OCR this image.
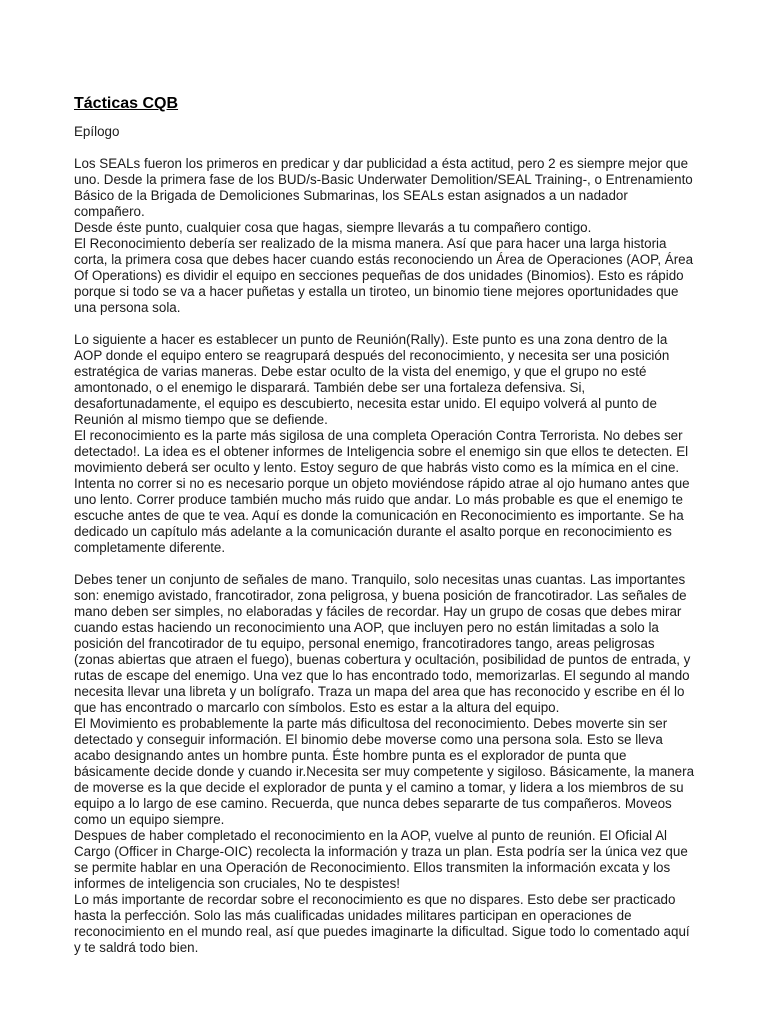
Tácticas CQB
Epílogo

Los SEALs fueron los primeros en predicar y dar publicidad a ésta actitud, pero 2 es siempre mejor que uno. Desde la primera fase de los BUD/s-Basic Underwater Demolition/SEAL Training-, o Entrenamiento Básico de la Brigada de Demoliciones Submarinas, los SEALs estan asignados a un nadador compañero.

Desde éste punto, cualquier cosa que hagas, siempre llevarás a tu compañero contigo.

El Reconocimiento debería ser realizado de la misma manera. Así que para hacer una larga historia corta, la primera cosa que debes hacer cuando estás reconociendo un Área de Operaciones (AOP, Área Of Operations) es dividir el equipo en secciones pequeñas de dos unidades (Binomios). Esto es rápido porque si todo se va a hacer puñetas y estalla un tiroteo, un binomio tiene mejores oportunidades que una persona sola.

Lo siguiente a hacer es establecer un punto de Reunión(Rally). Este punto es una zona dentro de la AOP donde el equipo entero se reagrupará después del reconocimiento, y necesita ser una posición estratégica de varias maneras. Debe estar oculto de la vista del enemigo, y que el grupo no esté amontonado, o el enemigo le disparará. También debe ser una fortaleza defensiva. Si, desafortunadamente, el equipo es descubierto, necesita estar unido. El equipo volverá al punto de Reunión al mismo tiempo que se defiende.

El reconocimiento es la parte más sigilosa de una completa Operación Contra Terrorista. No debes ser detectado!. La idea es el obtener informes de Inteligencia sobre el enemigo sin que ellos te detecten. El movimiento deberá ser oculto y lento. Estoy seguro de que habrás visto como es la mímica en el cine. Intenta no correr si no es necesario porque un objeto moviéndose rápido atrae al ojo humano antes que uno lento. Correr produce también mucho más ruido que andar. Lo más probable es que el enemigo te escuche antes de que te vea. Aquí es donde la comunicación en Reconocimiento es importante. Se ha dedicado un capítulo más adelante a la comunicación durante el asalto porque en reconocimiento es completamente diferente.

Debes tener un conjunto de señales de mano. Tranquilo, solo necesitas unas cuantas. Las importantes son: enemigo avistado, francotirador, zona peligrosa, y buena posición de francotirador. Las señales de mano deben ser simples, no elaboradas y fáciles de recordar. Hay un grupo de cosas que debes mirar cuando estas haciendo un reconocimiento una AOP, que incluyen pero no están limitadas a solo la posición del francotirador de tu equipo, personal enemigo, francotiradores tango, areas peligrosas (zonas abiertas que atraen el fuego), buenas cobertura y ocultación, posibilidad de puntos de entrada, y rutas de escape del enemigo. Una vez que lo has encontrado todo, memorizarlas. El segundo al mando necesita llevar una libreta y un bolígrafo. Traza un mapa del area que has reconocido y escribe en él lo que has encontrado o marcarlo con símbolos. Esto es estar a la altura del equipo.

El Movimiento es probablemente la parte más dificultosa del reconocimiento. Debes moverte sin ser detectado y conseguir información. El binomio debe moverse como una persona sola. Esto se lleva acabo designando antes un hombre punta. Éste hombre punta es el explorador de punta que básicamente decide donde y cuando ir.Necesita ser muy competente y sigiloso. Básicamente, la manera de moverse es la que decide el explorador de punta y el camino a tomar, y lidera a los miembros de su equipo a lo largo de ese camino. Recuerda, que nunca debes separarte de tus compañeros. Moveos como un equipo siempre.

Despues de haber completado el reconocimiento en la AOP, vuelve al punto de reunión. El Oficial Al Cargo (Officer in Charge-OIC) recolecta la información y traza un plan. Esta podría ser la única vez que se permite hablar en una Operación de Reconocimiento. Ellos transmiten la información excata y los informes de inteligencia son cruciales, No te despistes!

Lo más importante de recordar sobre el reconocimiento es que no dispares. Esto debe ser practicado hasta la perfección. Solo las más cualificadas unidades militares participan en operaciones de reconocimiento en el mundo real, así que puedes imaginarte la dificultad. Sigue todo lo comentado aquí y te saldrá todo bien.
